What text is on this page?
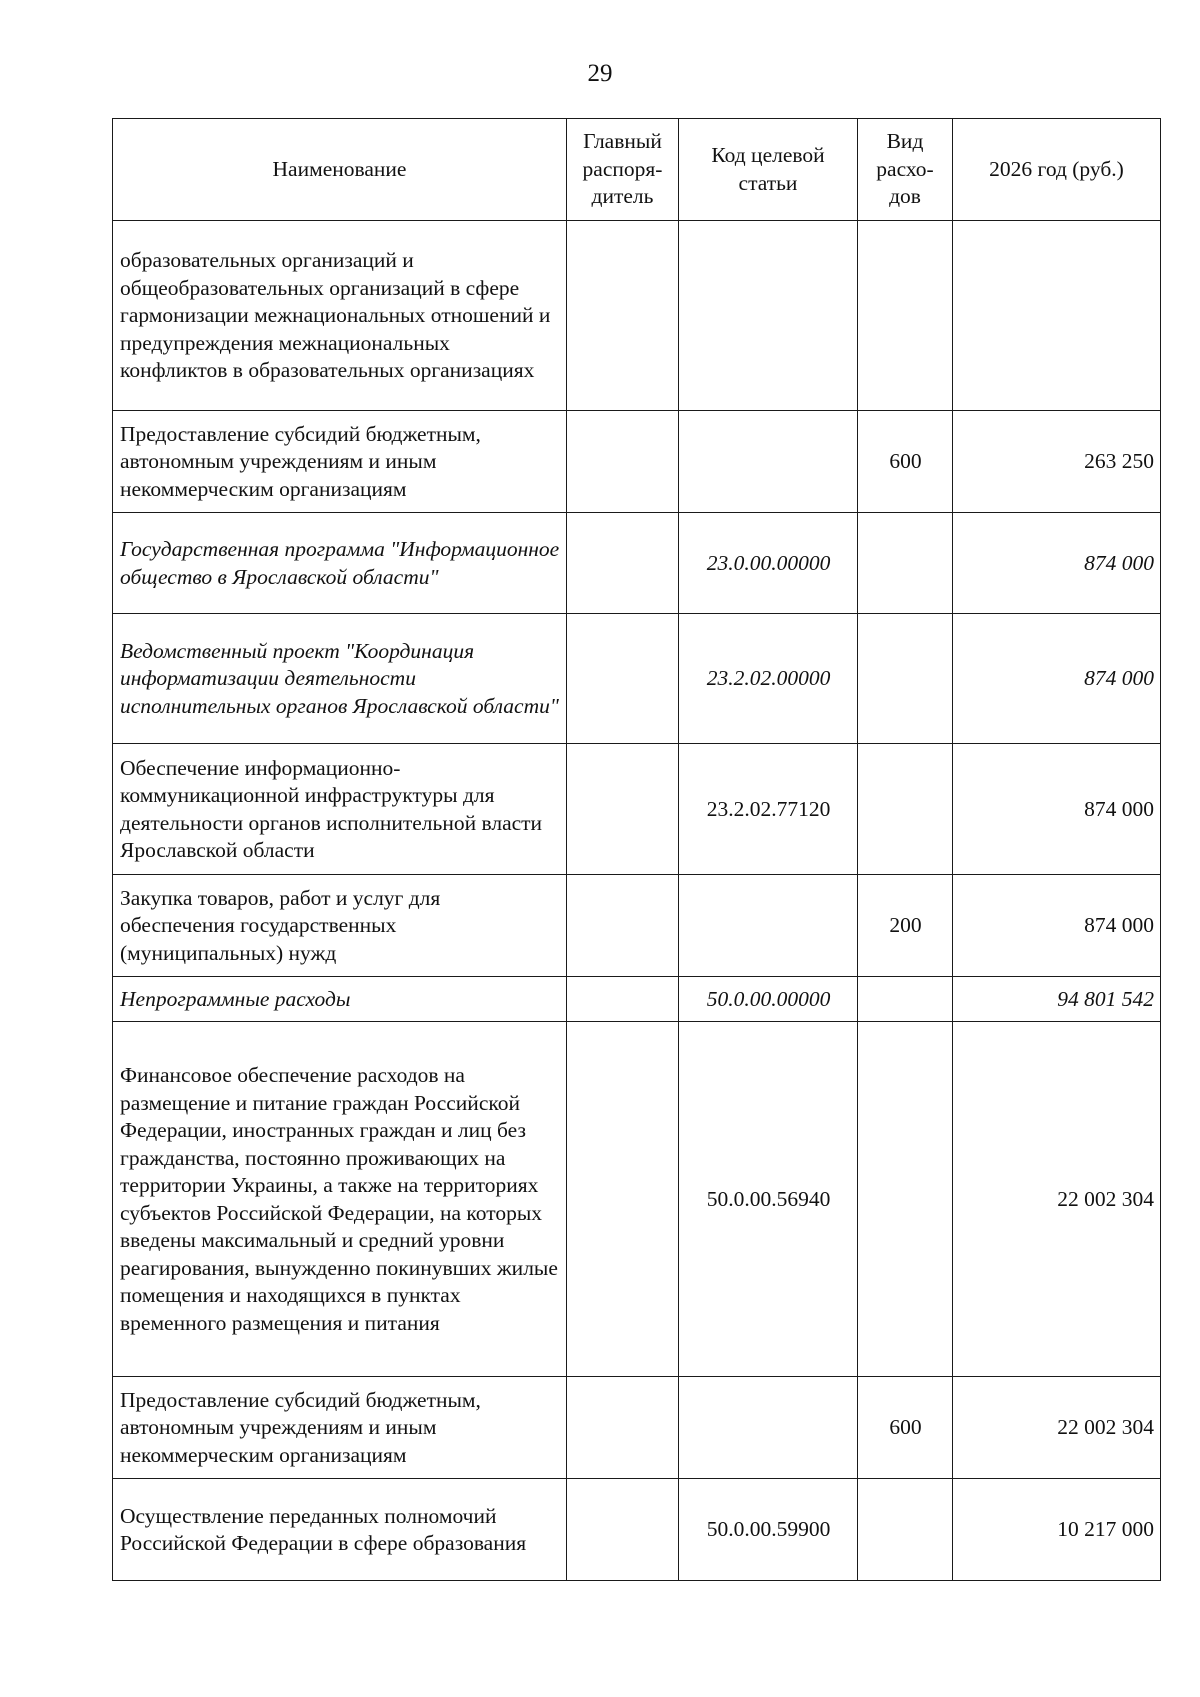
29
Наименование	Главный распоря-дитель	Код целевой статьи	Вид расхо-дов	2026 год (руб.)
образовательных организаций и общеобразовательных организаций в сфере гармонизации межнациональных отношений и предупреждения межнациональных конфликтов в образовательных организациях				
Предоставление субсидий бюджетным, автономным учреждениям и иным некоммерческим организациям			600	263 250
Государственная программа "Информационное общество в Ярославской области"		23.0.00.00000		874 000
Ведомственный проект "Координация информатизации деятельности исполнительных органов Ярославской области"		23.2.02.00000		874 000
Обеспечение информационно-коммуникационной инфраструктуры для деятельности органов исполнительной власти Ярославской области		23.2.02.77120		874 000
Закупка товаров, работ и услуг для обеспечения государственных (муниципальных) нужд			200	874 000
Непрограммные расходы		50.0.00.00000		94 801 542
Финансовое обеспечение расходов на размещение и питание граждан Российской Федерации, иностранных граждан и лиц без гражданства, постоянно проживающих на территории Украины, а также на территориях субъектов Российской Федерации, на которых введены максимальный и средний уровни реагирования, вынужденно покинувших жилые помещения и находящихся в пунктах временного размещения и питания		50.0.00.56940		22 002 304
Предоставление субсидий бюджетным, автономным учреждениям и иным некоммерческим организациям			600	22 002 304
Осуществление переданных полномочий Российской Федерации в сфере образования		50.0.00.59900		10 217 000
